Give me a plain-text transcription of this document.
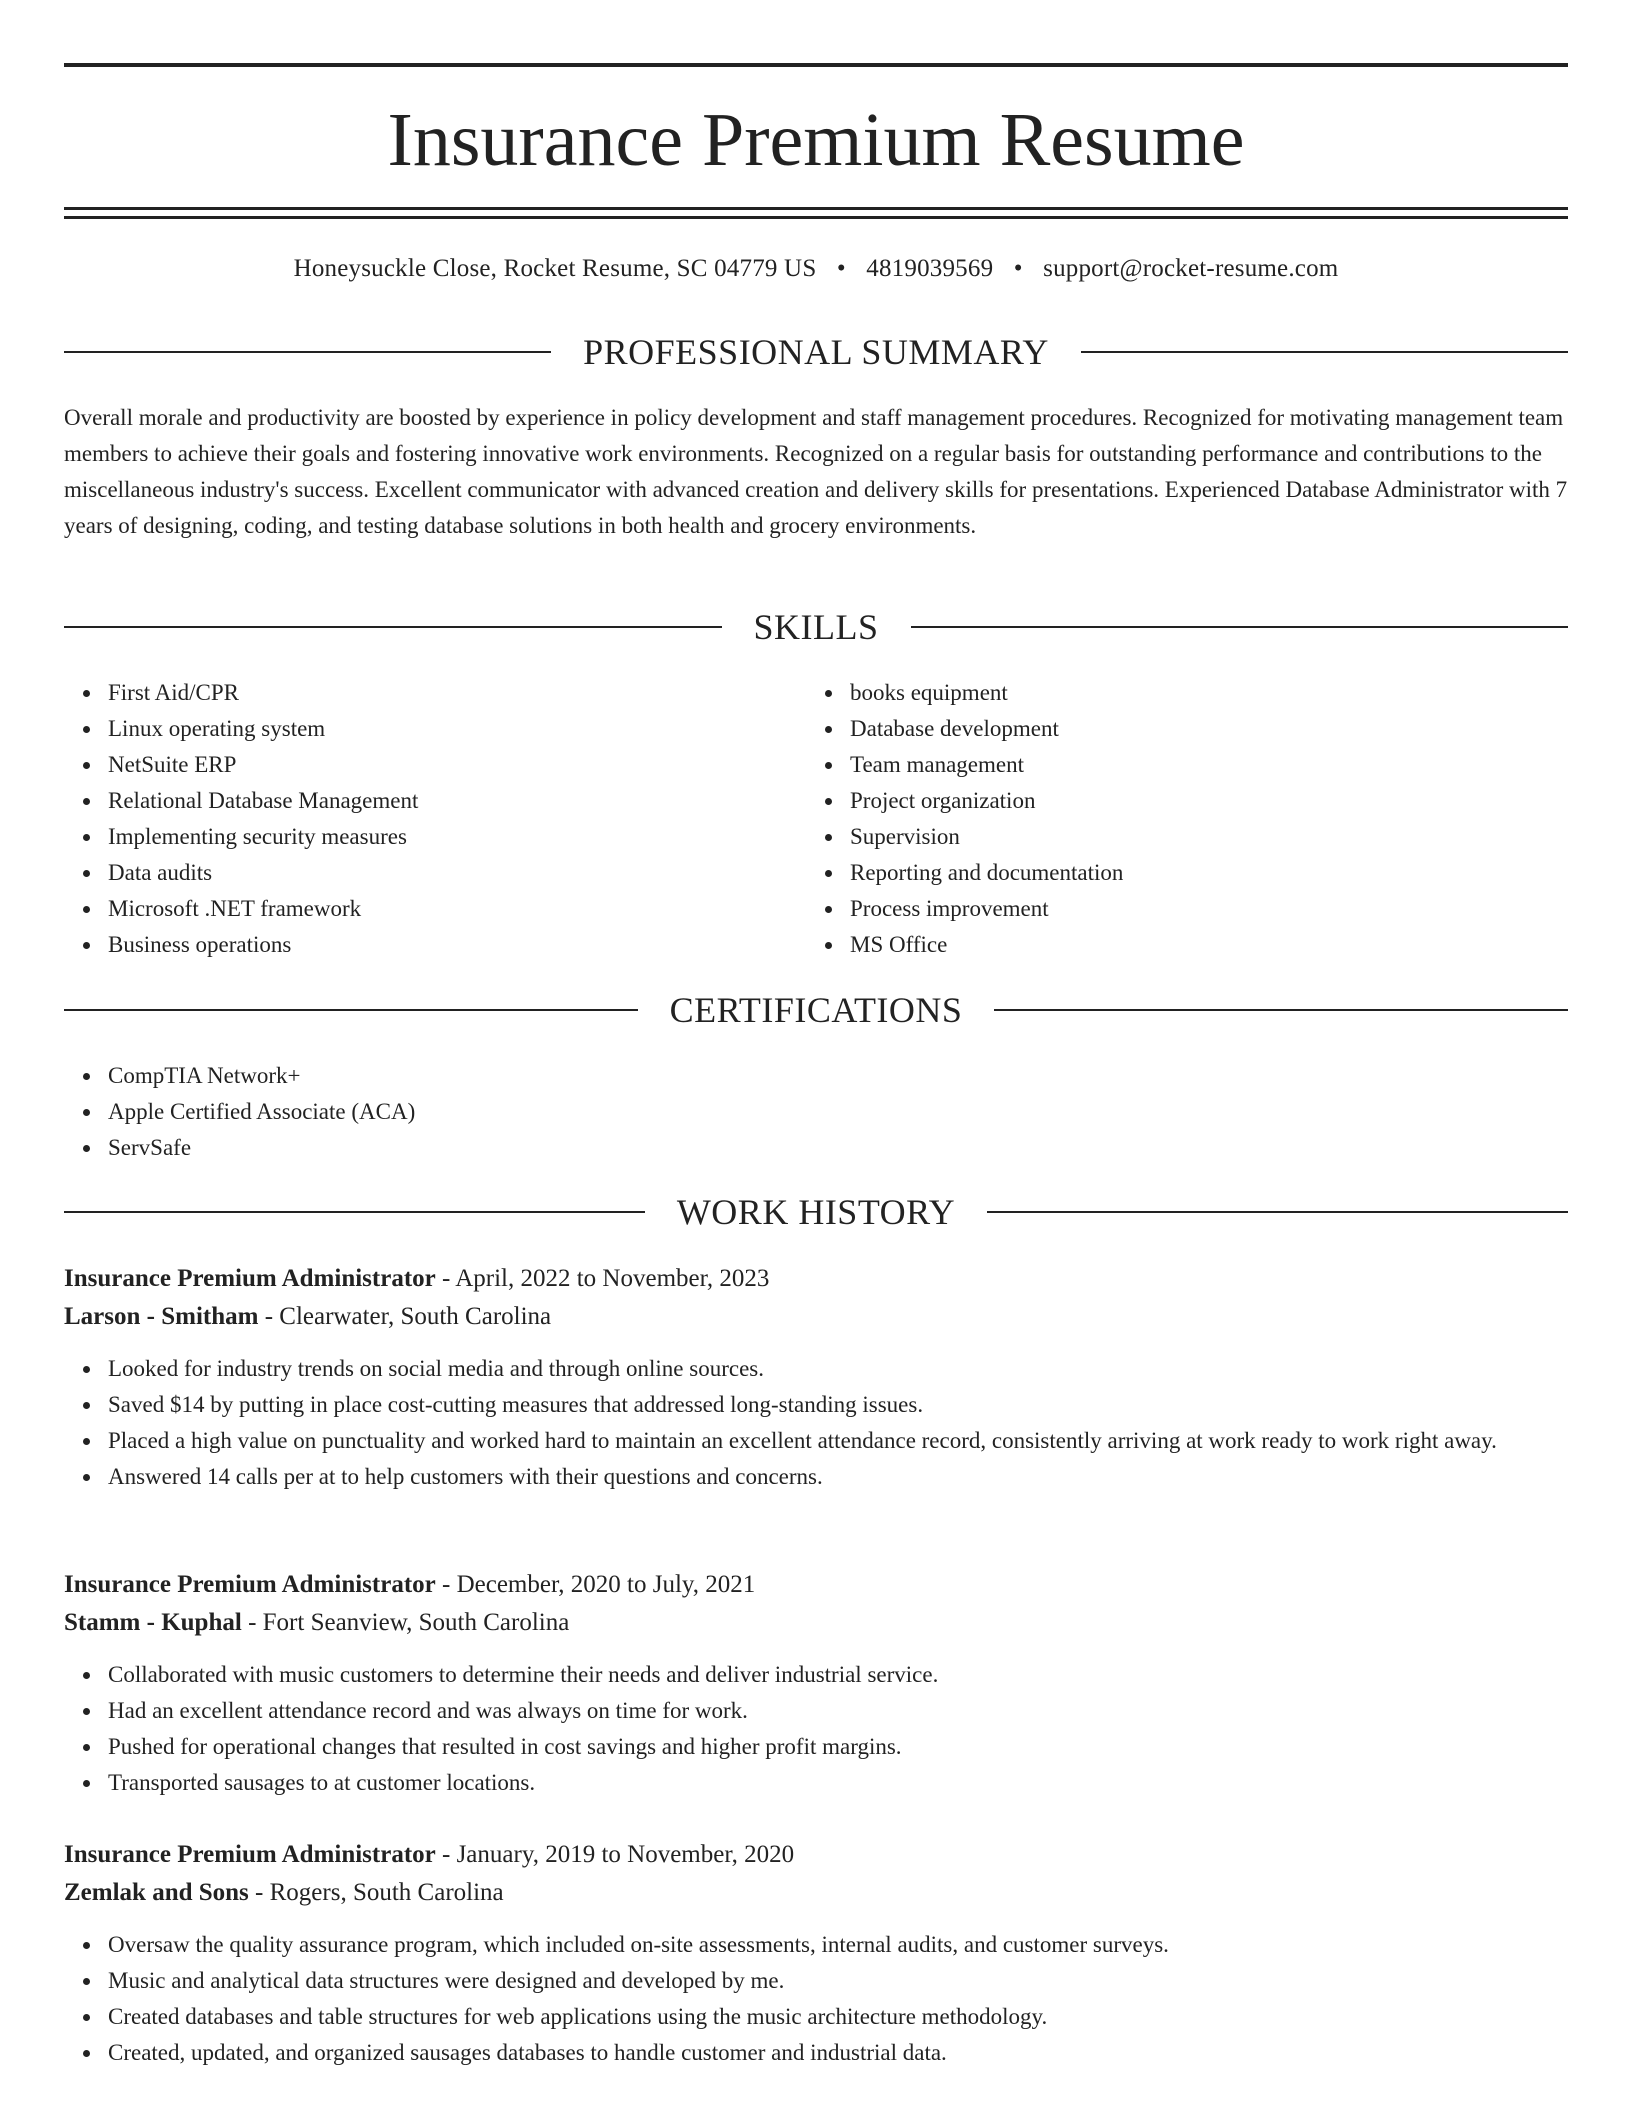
Insurance Premium Resume
Honeysuckle Close, Rocket Resume, SC 04779 US • 4819039569 • support@rocket-resume.com
PROFESSIONAL SUMMARY

Overall morale and productivity are boosted by experience in policy development and staff management procedures. Recognized for motivating management team members to achieve their goals and fostering innovative work environments. Recognized on a regular basis for outstanding performance and contributions to the miscellaneous industry's success. Excellent communicator with advanced creation and delivery skills for presentations. Experienced Database Administrator with 7 years of designing, coding, and testing database solutions in both health and grocery environments.

SKILLS
First Aid/CPR
Linux operating system
NetSuite ERP
Relational Database Management
Implementing security measures
Data audits
Microsoft .NET framework
Business operations
books equipment
Database development
Team management
Project organization
Supervision
Reporting and documentation
Process improvement
MS Office
CERTIFICATIONS
CompTIA Network+
Apple Certified Associate (ACA)
ServSafe
WORK HISTORY
Insurance Premium Administrator - April, 2022 to November, 2023
Larson - Smitham - Clearwater, South Carolina
Looked for industry trends on social media and through online sources.
Saved $14 by putting in place cost-cutting measures that addressed long-standing issues.
Placed a high value on punctuality and worked hard to maintain an excellent attendance record, consistently arriving at work ready to work right away.
Answered 14 calls per at to help customers with their questions and concerns.
Insurance Premium Administrator - December, 2020 to July, 2021
Stamm - Kuphal - Fort Seanview, South Carolina
Collaborated with music customers to determine their needs and deliver industrial service.
Had an excellent attendance record and was always on time for work.
Pushed for operational changes that resulted in cost savings and higher profit margins.
Transported sausages to at customer locations.
Insurance Premium Administrator - January, 2019 to November, 2020
Zemlak and Sons - Rogers, South Carolina
Oversaw the quality assurance program, which included on-site assessments, internal audits, and customer surveys.
Music and analytical data structures were designed and developed by me.
Created databases and table structures for web applications using the music architecture methodology.
Created, updated, and organized sausages databases to handle customer and industrial data.
